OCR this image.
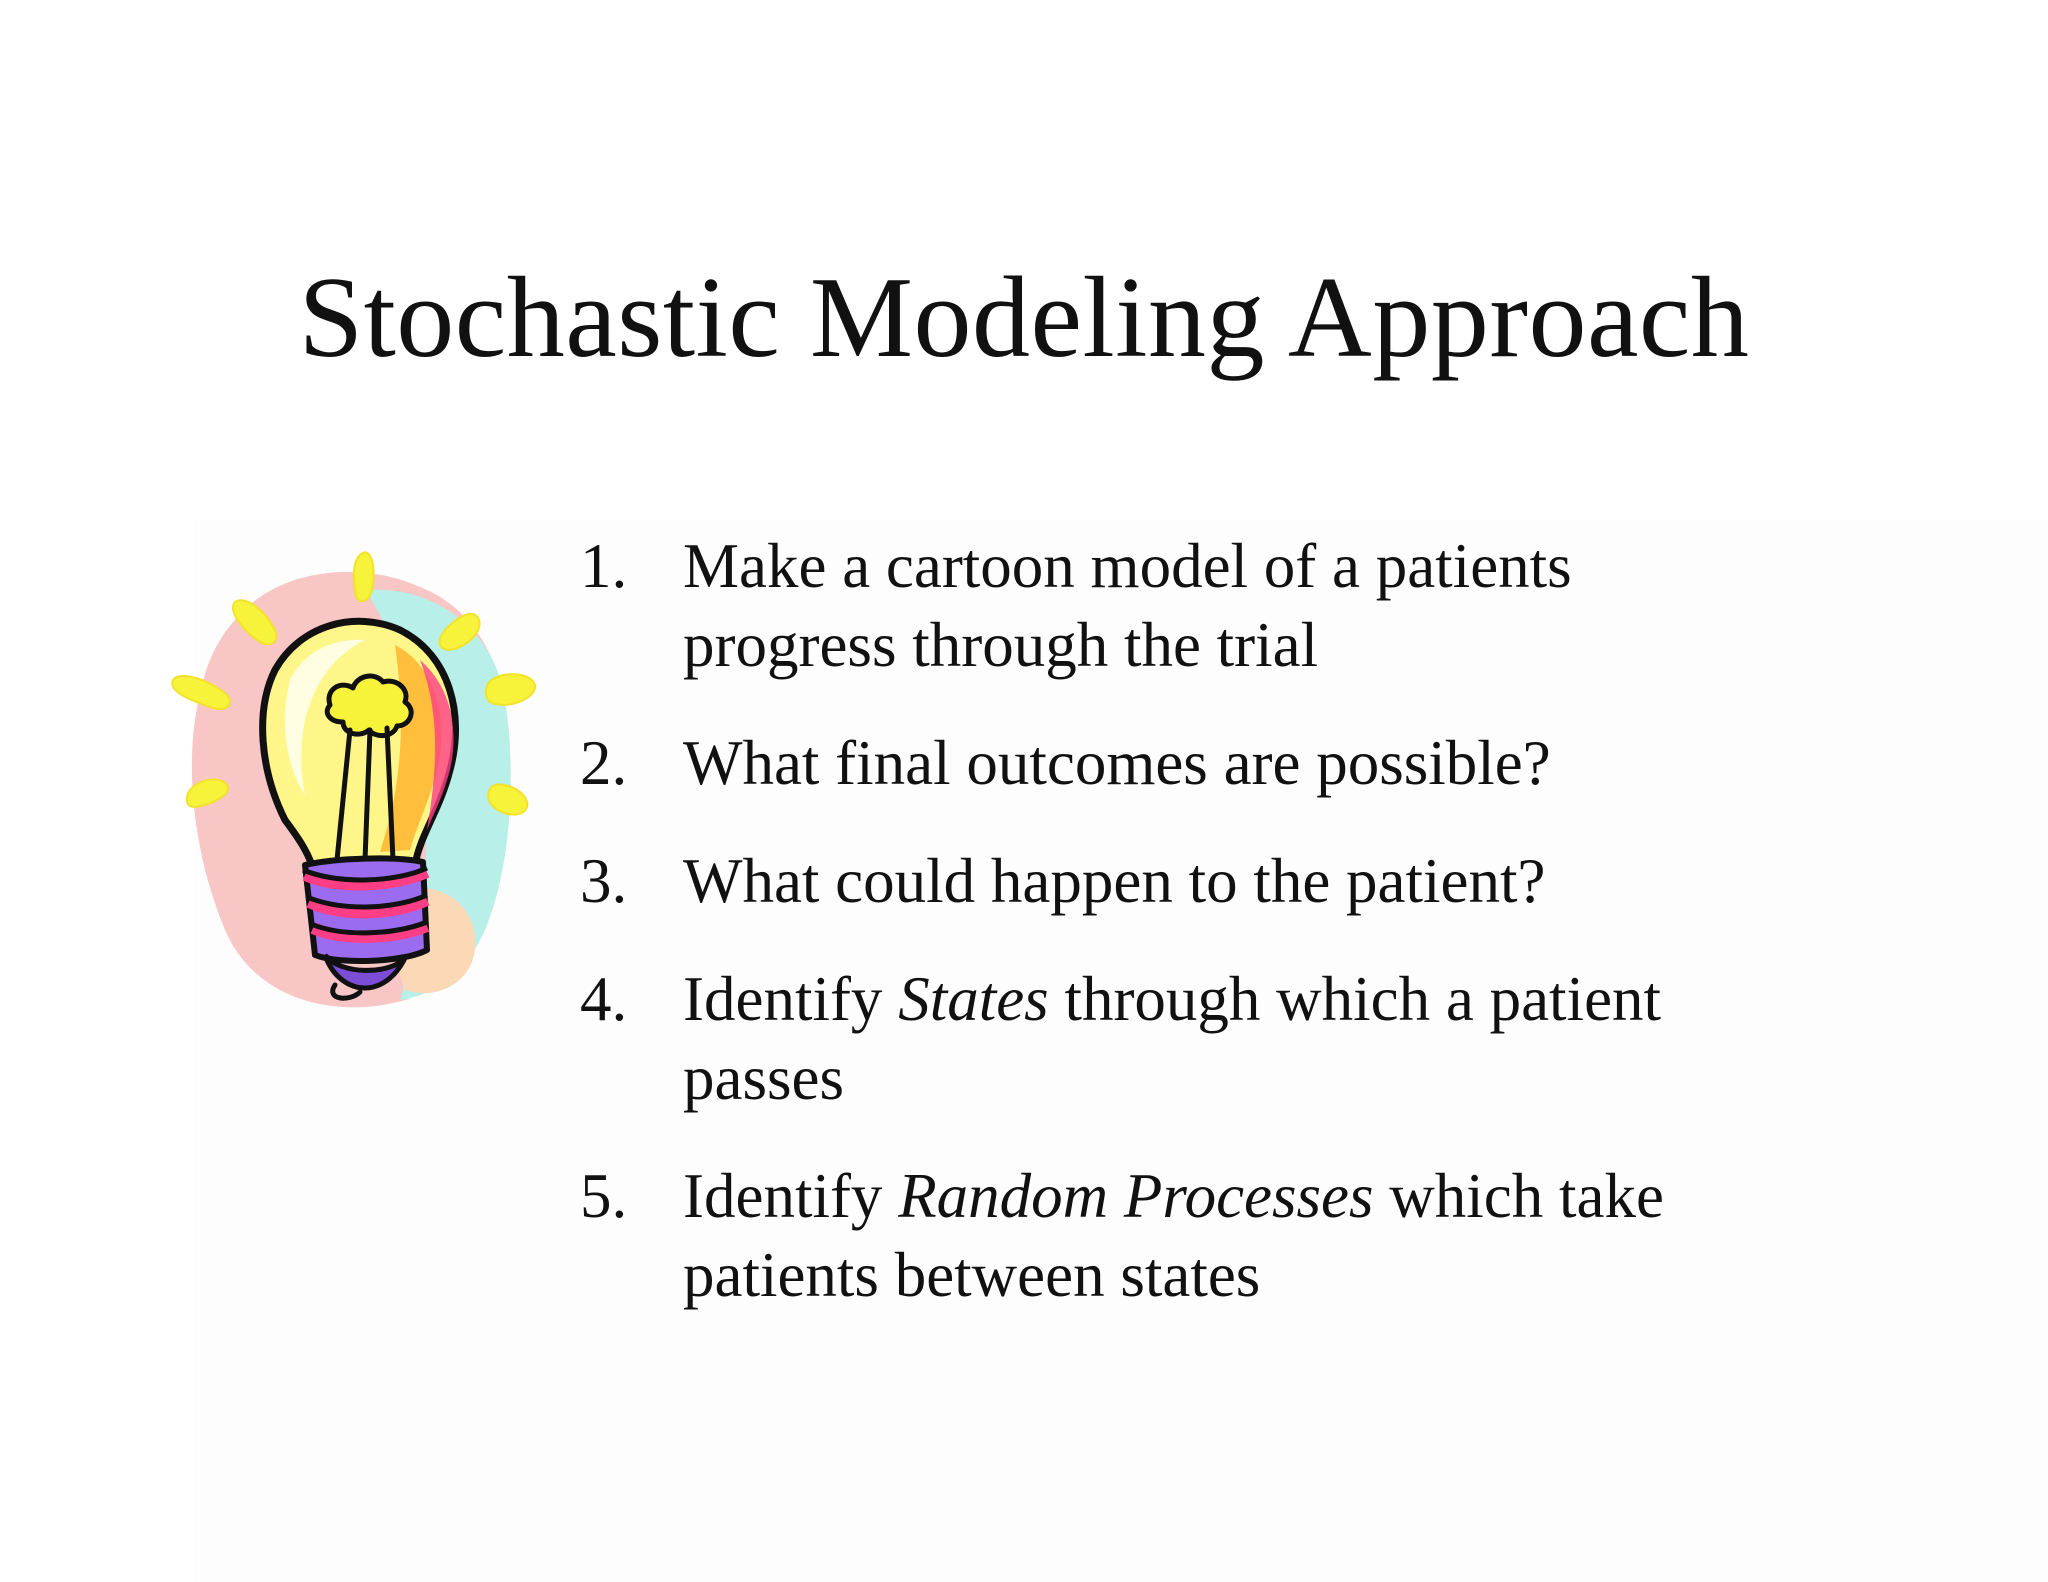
Stochastic Modeling Approach
1. Make a cartoon model of a patients progress through the trial
2. What final outcomes are possible?
3. What could happen to the patient?
4. Identify States through which a patient passes
5. Identify Random Processes which take patients between states
